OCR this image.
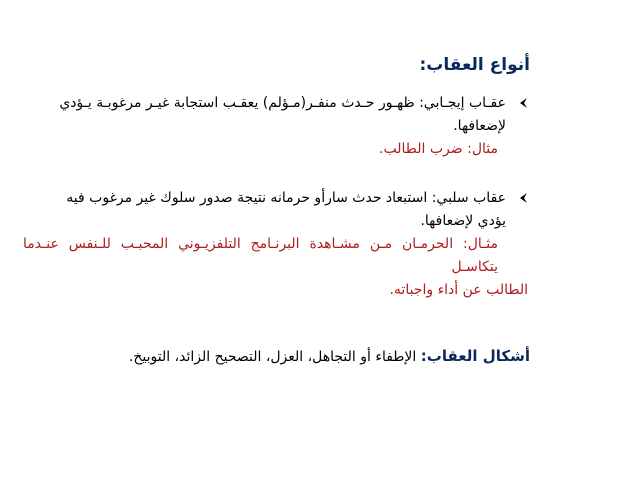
أنواع العقاب:
عقـاب إيجـابي: ظهـور حـدث منفـر(مـؤلم) يعقـب استجابة غيـر مرغوبـة يـؤدي
لإضعافها.
مثال: ضرب الطالب.
عقاب سلبي: استبعاد حدث سارأو حرمانه نتيجة صدور سلوك غير مرغوب فيه
يؤدي لإضعافها.
مثـال: الحرمـان مـن مشـاهدة البرنـامج التلفزيـوني المحبـب للـنفس عنـدما يتكاسـل
الطالب عن أداء واجباته.
أشكال العقاب: الإطفاء أو التجاهل، العزل، التصحيح الزائد، التوبيخ.
